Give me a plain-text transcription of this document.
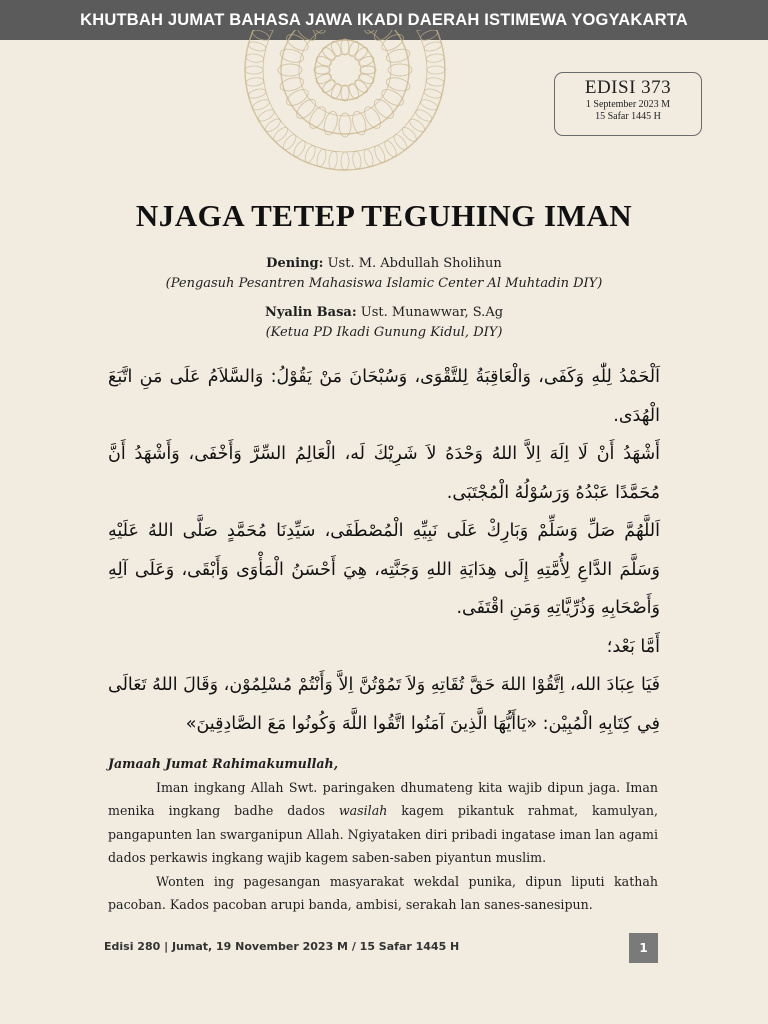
KHUTBAH JUMAT BAHASA JAWA IKADI DAERAH ISTIMEWA YOGYAKARTA
EDISI 373
1 September 2023 M
15 Safar 1445 H
NJAGA TETEP TEGUHING IMAN
Dening: Ust. M. Abdullah Sholihun
(Pengasuh Pesantren Mahasiswa Islamic Center Al Muhtadin DIY)
Nyalin Basa: Ust. Munawwar, S.Ag
(Ketua PD Ikadi Gunung Kidul, DIY)

اَلْحَمْدُ لِلّٰهِ وَكَفَى، وَالْعَاقِبَةُ لِلتَّقْوَى، وَسُبْحَانَ مَنْ يَقُوْلُ: وَالسَّلاَمُ عَلَى مَنِ اتَّبَعَ الْهُدَى.

أَشْهَدُ أَنْ لَا اِلَهَ اِلاَّ اللهُ وَحْدَهُ لاَ شَرِيْكَ لَه، الْعَالِمُ السِّرَّ وَأَخْفَى، وَأَشْهَدُ أَنَّ مُحَمَّدًا عَبْدُهُ وَرَسُوْلُهُ الْمُجْتَبَى.

اَللَّهُمَّ صَلِّ وَسَلِّمْ وَبَارِكْ عَلَى نَبِيِّهِ الْمُصْطَفَى، سَيِّدِنَا مُحَمَّدٍ صَلَّى اللهُ عَلَيْهِ وَسَلَّمَ الدَّاعِ لِأُمَّتِهِ إِلَى هِدَايَةِ اللهِ وَجَنَّتِه، هِيَ أَحْسَنُ الْمَأْوَى وَأَبْقَى، وَعَلَى آلِهِ وَأَصْحَابِهِ وَذُرِّيَّاتِهِ وَمَنِ اقْتَفَى.

أَمَّا بَعْد؛

فَيَا عِبَادَ الله، اِتَّقُوْا اللهَ حَقَّ تُقَاتِهِ وَلاَ تَمُوْتُنَّ اِلاَّ وَأَنْتُمْ مُسْلِمُوْن، وَقَالَ اللهُ تَعَالَى فِي كِتَابِهِ الْمُبِيْن: «يَاأَيُّهَا الَّذِينَ آمَنُوا اتَّقُوا اللَّهَ وَكُونُوا مَعَ الصَّادِقِينَ»

Jamaah Jumat Rahimakumullah,

Iman ingkang Allah Swt. paringaken dhumateng kita wajib dipun jaga. Iman menika ingkang badhe dados wasilah kagem pikantuk rahmat, kamulyan, pangapunten lan swarganipun Allah. Ngiyataken diri pribadi ingatase iman lan agami dados perkawis ingkang wajib kagem saben-saben piyantun muslim.

Wonten ing pagesangan masyarakat wekdal punika, dipun liputi kathah pacoban. Kados pacoban arupi banda, ambisi, serakah lan sanes-sanesipun.

Edisi 280 | Jumat, 19 November 2023 M / 15 Safar 1445 H	1
